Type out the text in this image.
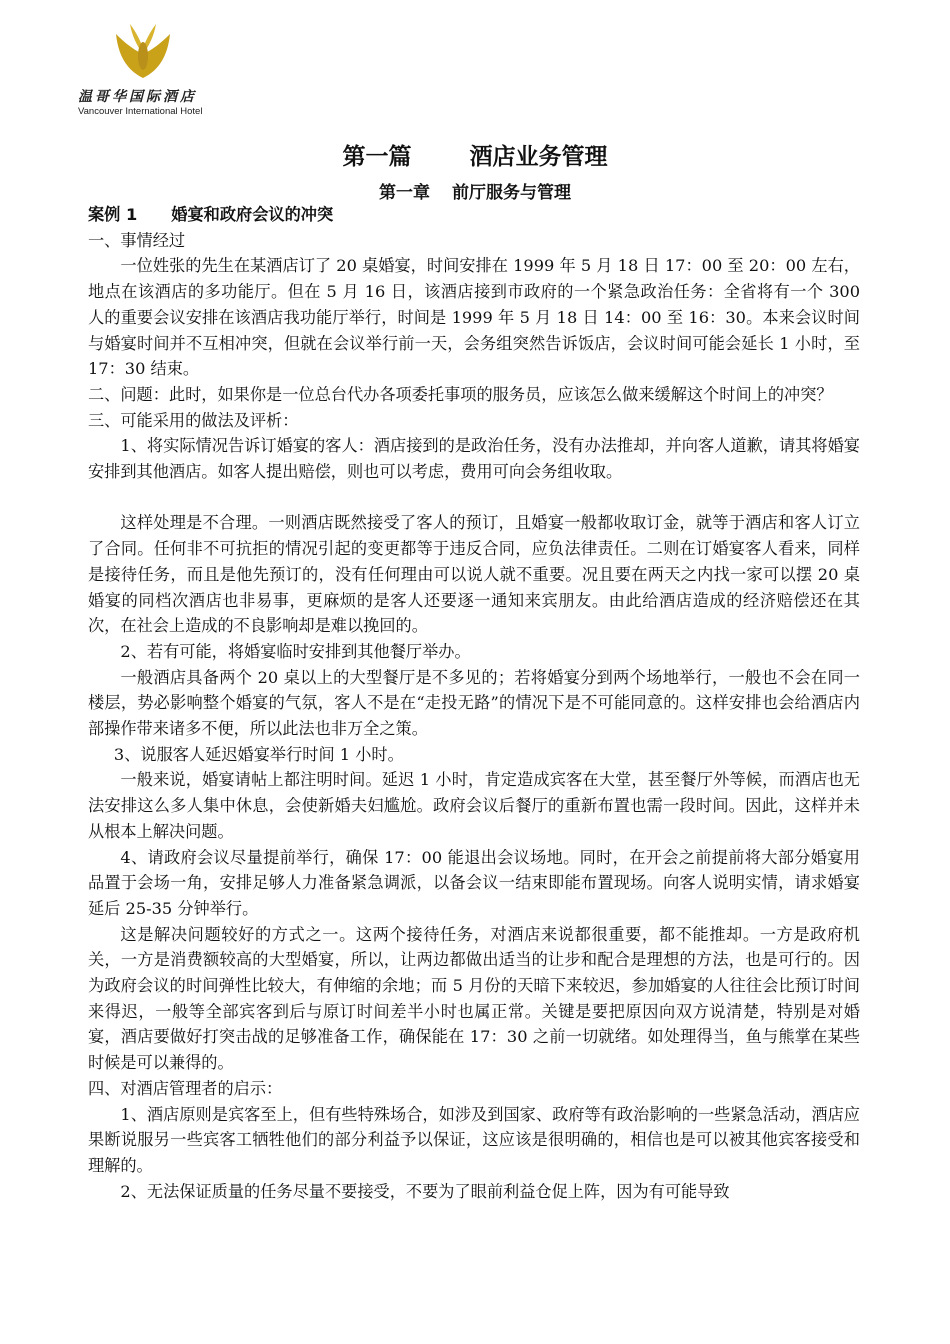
温哥华国际酒店
Vancouver International Hotel
第一篇	酒店业务管理
第一章 前厅服务与管理

案例 1 婚宴和政府会议的冲突

一、事情经过

一位姓张的先生在某酒店订了 20 桌婚宴，时间安排在 1999 年 5 月 18 日 17：00 至 20：00 左右，地点在该酒店的多功能厅。但在 5 月 16 日，该酒店接到市政府的一个紧急政治任务：全省将有一个 300 人的重要会议安排在该酒店我功能厅举行，时间是 1999 年 5 月 18 日 14：00 至 16：30。本来会议时间与婚宴时间并不互相冲突，但就在会议举行前一天，会务组突然告诉饭店，会议时间可能会延长 1 小时，至 17：30 结束。

二、问题：此时，如果你是一位总台代办各项委托事项的服务员，应该怎么做来缓解这个时间上的冲突？

三、可能采用的做法及评析：

1、将实际情况告诉订婚宴的客人：酒店接到的是政治任务，没有办法推却，并向客人道歉，请其将婚宴安排到其他酒店。如客人提出赔偿，则也可以考虑，费用可向会务组收取。

这样处理是不合理。一则酒店既然接受了客人的预订，且婚宴一般都收取订金，就等于酒店和客人订立了合同。任何非不可抗拒的情况引起的变更都等于违反合同，应负法律责任。二则在订婚宴客人看来，同样是接待任务，而且是他先预订的，没有任何理由可以说人就不重要。况且要在两天之内找一家可以摆 20 桌婚宴的同档次酒店也非易事，更麻烦的是客人还要逐一通知来宾朋友。由此给酒店造成的经济赔偿还在其次，在社会上造成的不良影响却是难以挽回的。

2、若有可能，将婚宴临时安排到其他餐厅举办。

一般酒店具备两个 20 桌以上的大型餐厅是不多见的；若将婚宴分到两个场地举行，一般也不会在同一楼层，势必影响整个婚宴的气氛，客人不是在“走投无路”的情况下是不可能同意的。这样安排也会给酒店内部操作带来诸多不便，所以此法也非万全之策。

3、说服客人延迟婚宴举行时间 1 小时。

一般来说，婚宴请帖上都注明时间。延迟 1 小时，肯定造成宾客在大堂，甚至餐厅外等候，而酒店也无法安排这么多人集中休息，会使新婚夫妇尴尬。政府会议后餐厅的重新布置也需一段时间。因此，这样并未从根本上解决问题。

4、请政府会议尽量提前举行，确保 17：00 能退出会议场地。同时，在开会之前提前将大部分婚宴用品置于会场一角，安排足够人力准备紧急调派，以备会议一结束即能布置现场。向客人说明实情，请求婚宴延后 25-35 分钟举行。

这是解决问题较好的方式之一。这两个接待任务，对酒店来说都很重要，都不能推却。一方是政府机关，一方是消费额较高的大型婚宴，所以，让两边都做出适当的让步和配合是理想的方法，也是可行的。因为政府会议的时间弹性比较大，有伸缩的余地；而 5 月份的天暗下来较迟，参加婚宴的人往往会比预订时间来得迟，一般等全部宾客到后与原订时间差半小时也属正常。关键是要把原因向双方说清楚，特别是对婚宴，酒店要做好打突击战的足够准备工作，确保能在 17：30 之前一切就绪。如处理得当，鱼与熊掌在某些时候是可以兼得的。

四、对酒店管理者的启示：

1、酒店原则是宾客至上，但有些特殊场合，如涉及到国家、政府等有政治影响的一些紧急活动，酒店应果断说服另一些宾客工牺牲他们的部分利益予以保证，这应该是很明确的，相信也是可以被其他宾客接受和理解的。

2、无法保证质量的任务尽量不要接受，不要为了眼前利益仓促上阵，因为有可能导致
